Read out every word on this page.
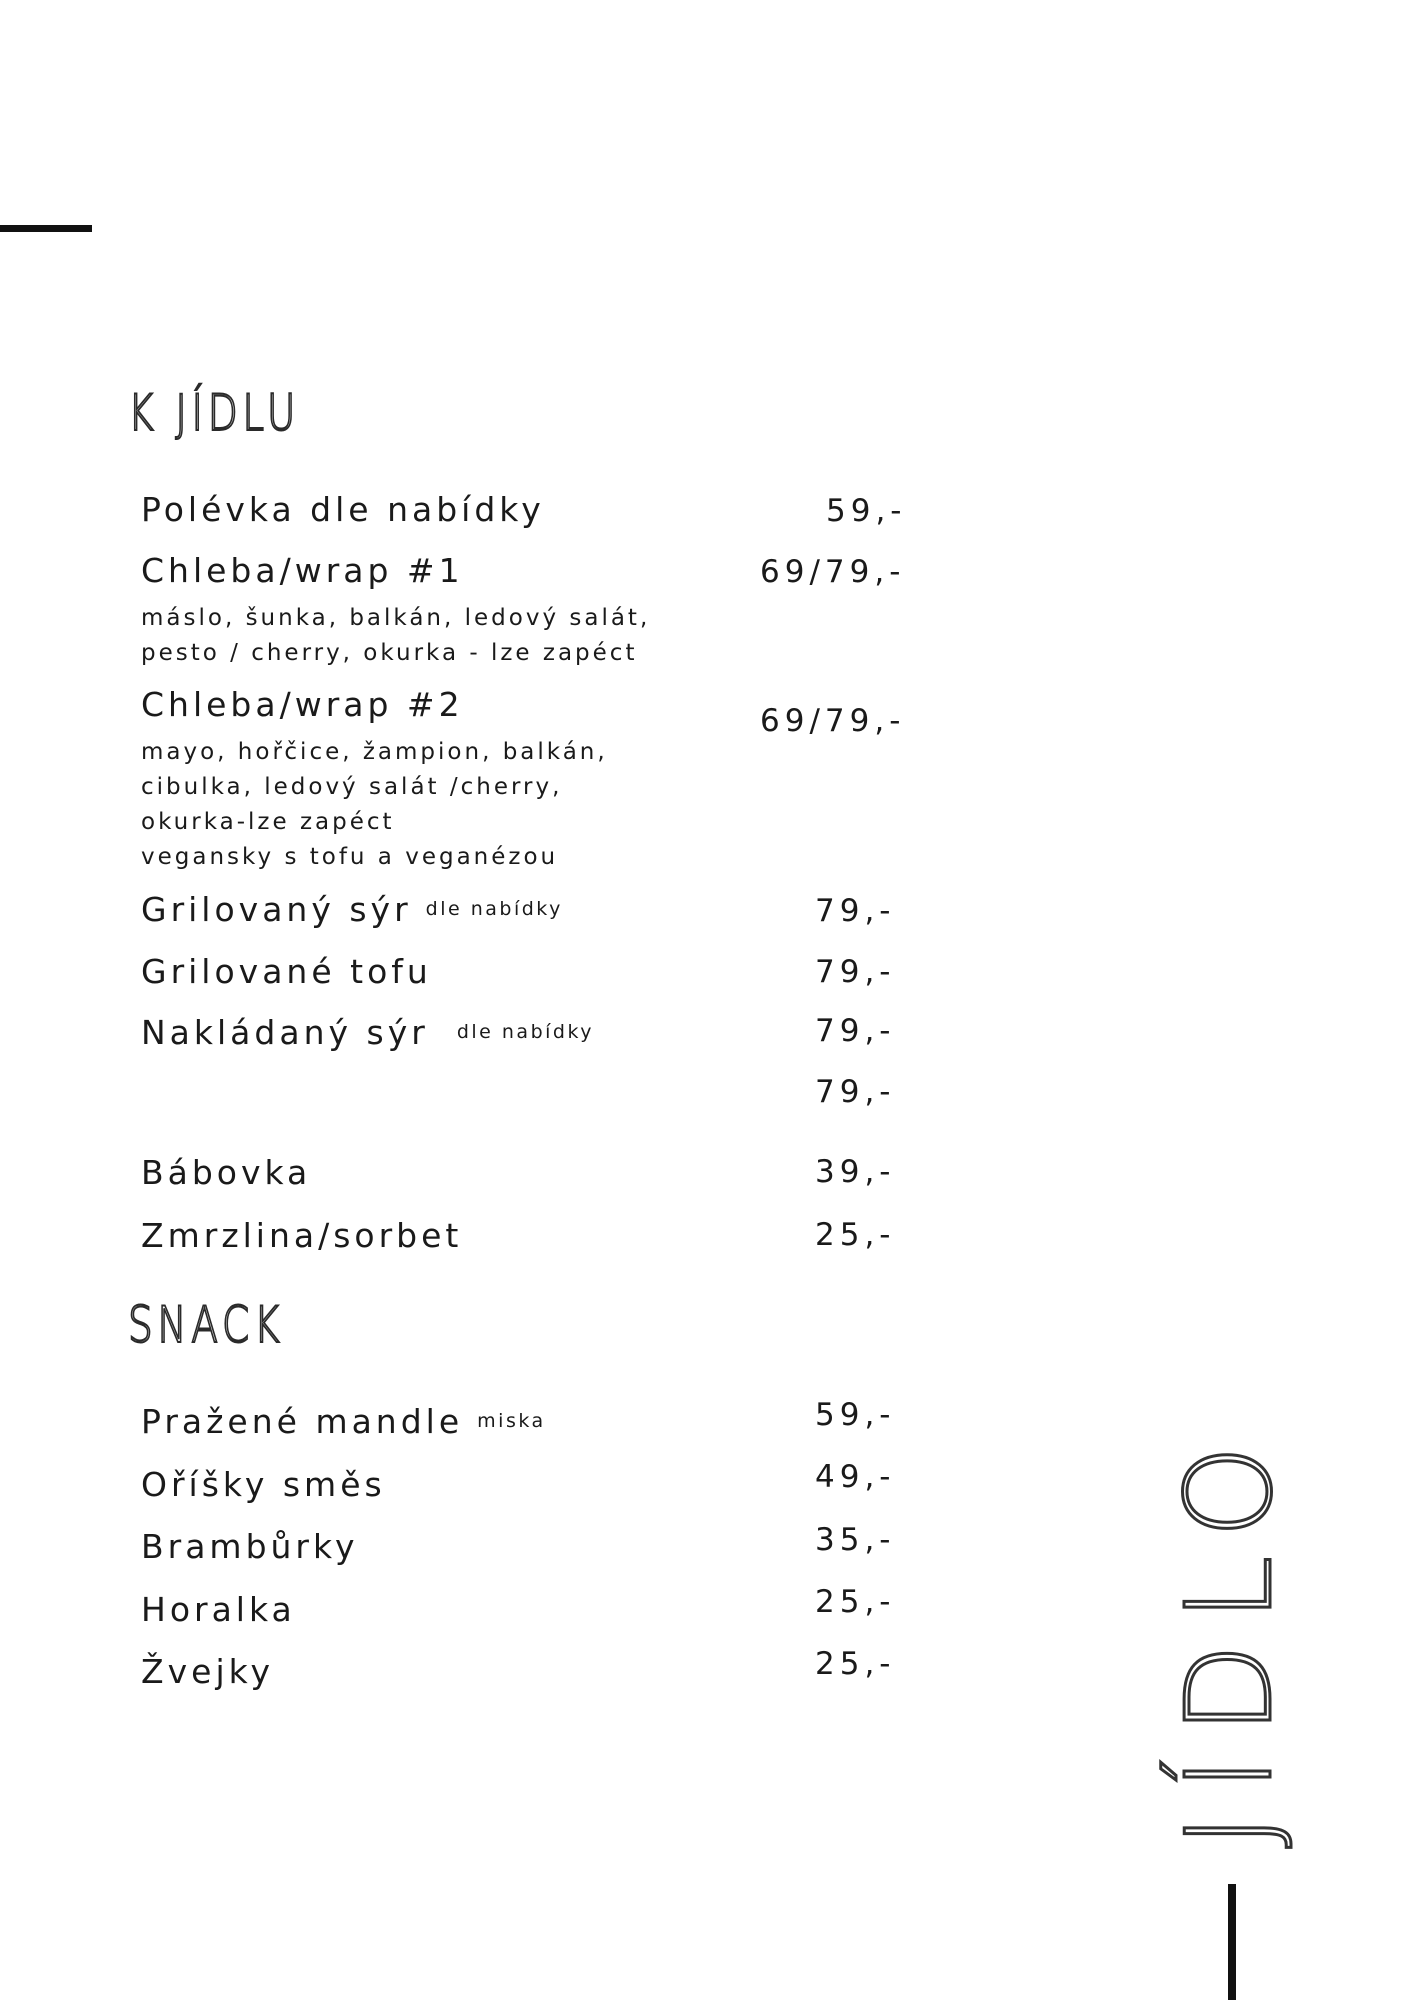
K JÍDLU
Polévka dle nabídky	59,-
Chleba/wrap #1	69/79,-
máslo, šunka, balkán, ledový salát,
pesto / cherry, okurka - lze zapéct
Chleba/wrap #2	69/79,-
mayo, hořčice, žampion, balkán,
cibulka, ledový salát /cherry,
okurka-lze zapéct
vegansky s tofu a veganézou
Grilovaný sýr dle nabídky	79,-
Grilované tofu	79,-
Nakládaný sýr dle nabídky	79,-
79,-
Bábovka	39,-
Zmrzlina/sorbet	25,-
SNACK
Pražené mandle miska	59,-
Oříšky směs	49,-
Brambůrky	35,-
Horalka	25,-
Žvejky	25,- JÍDLO
